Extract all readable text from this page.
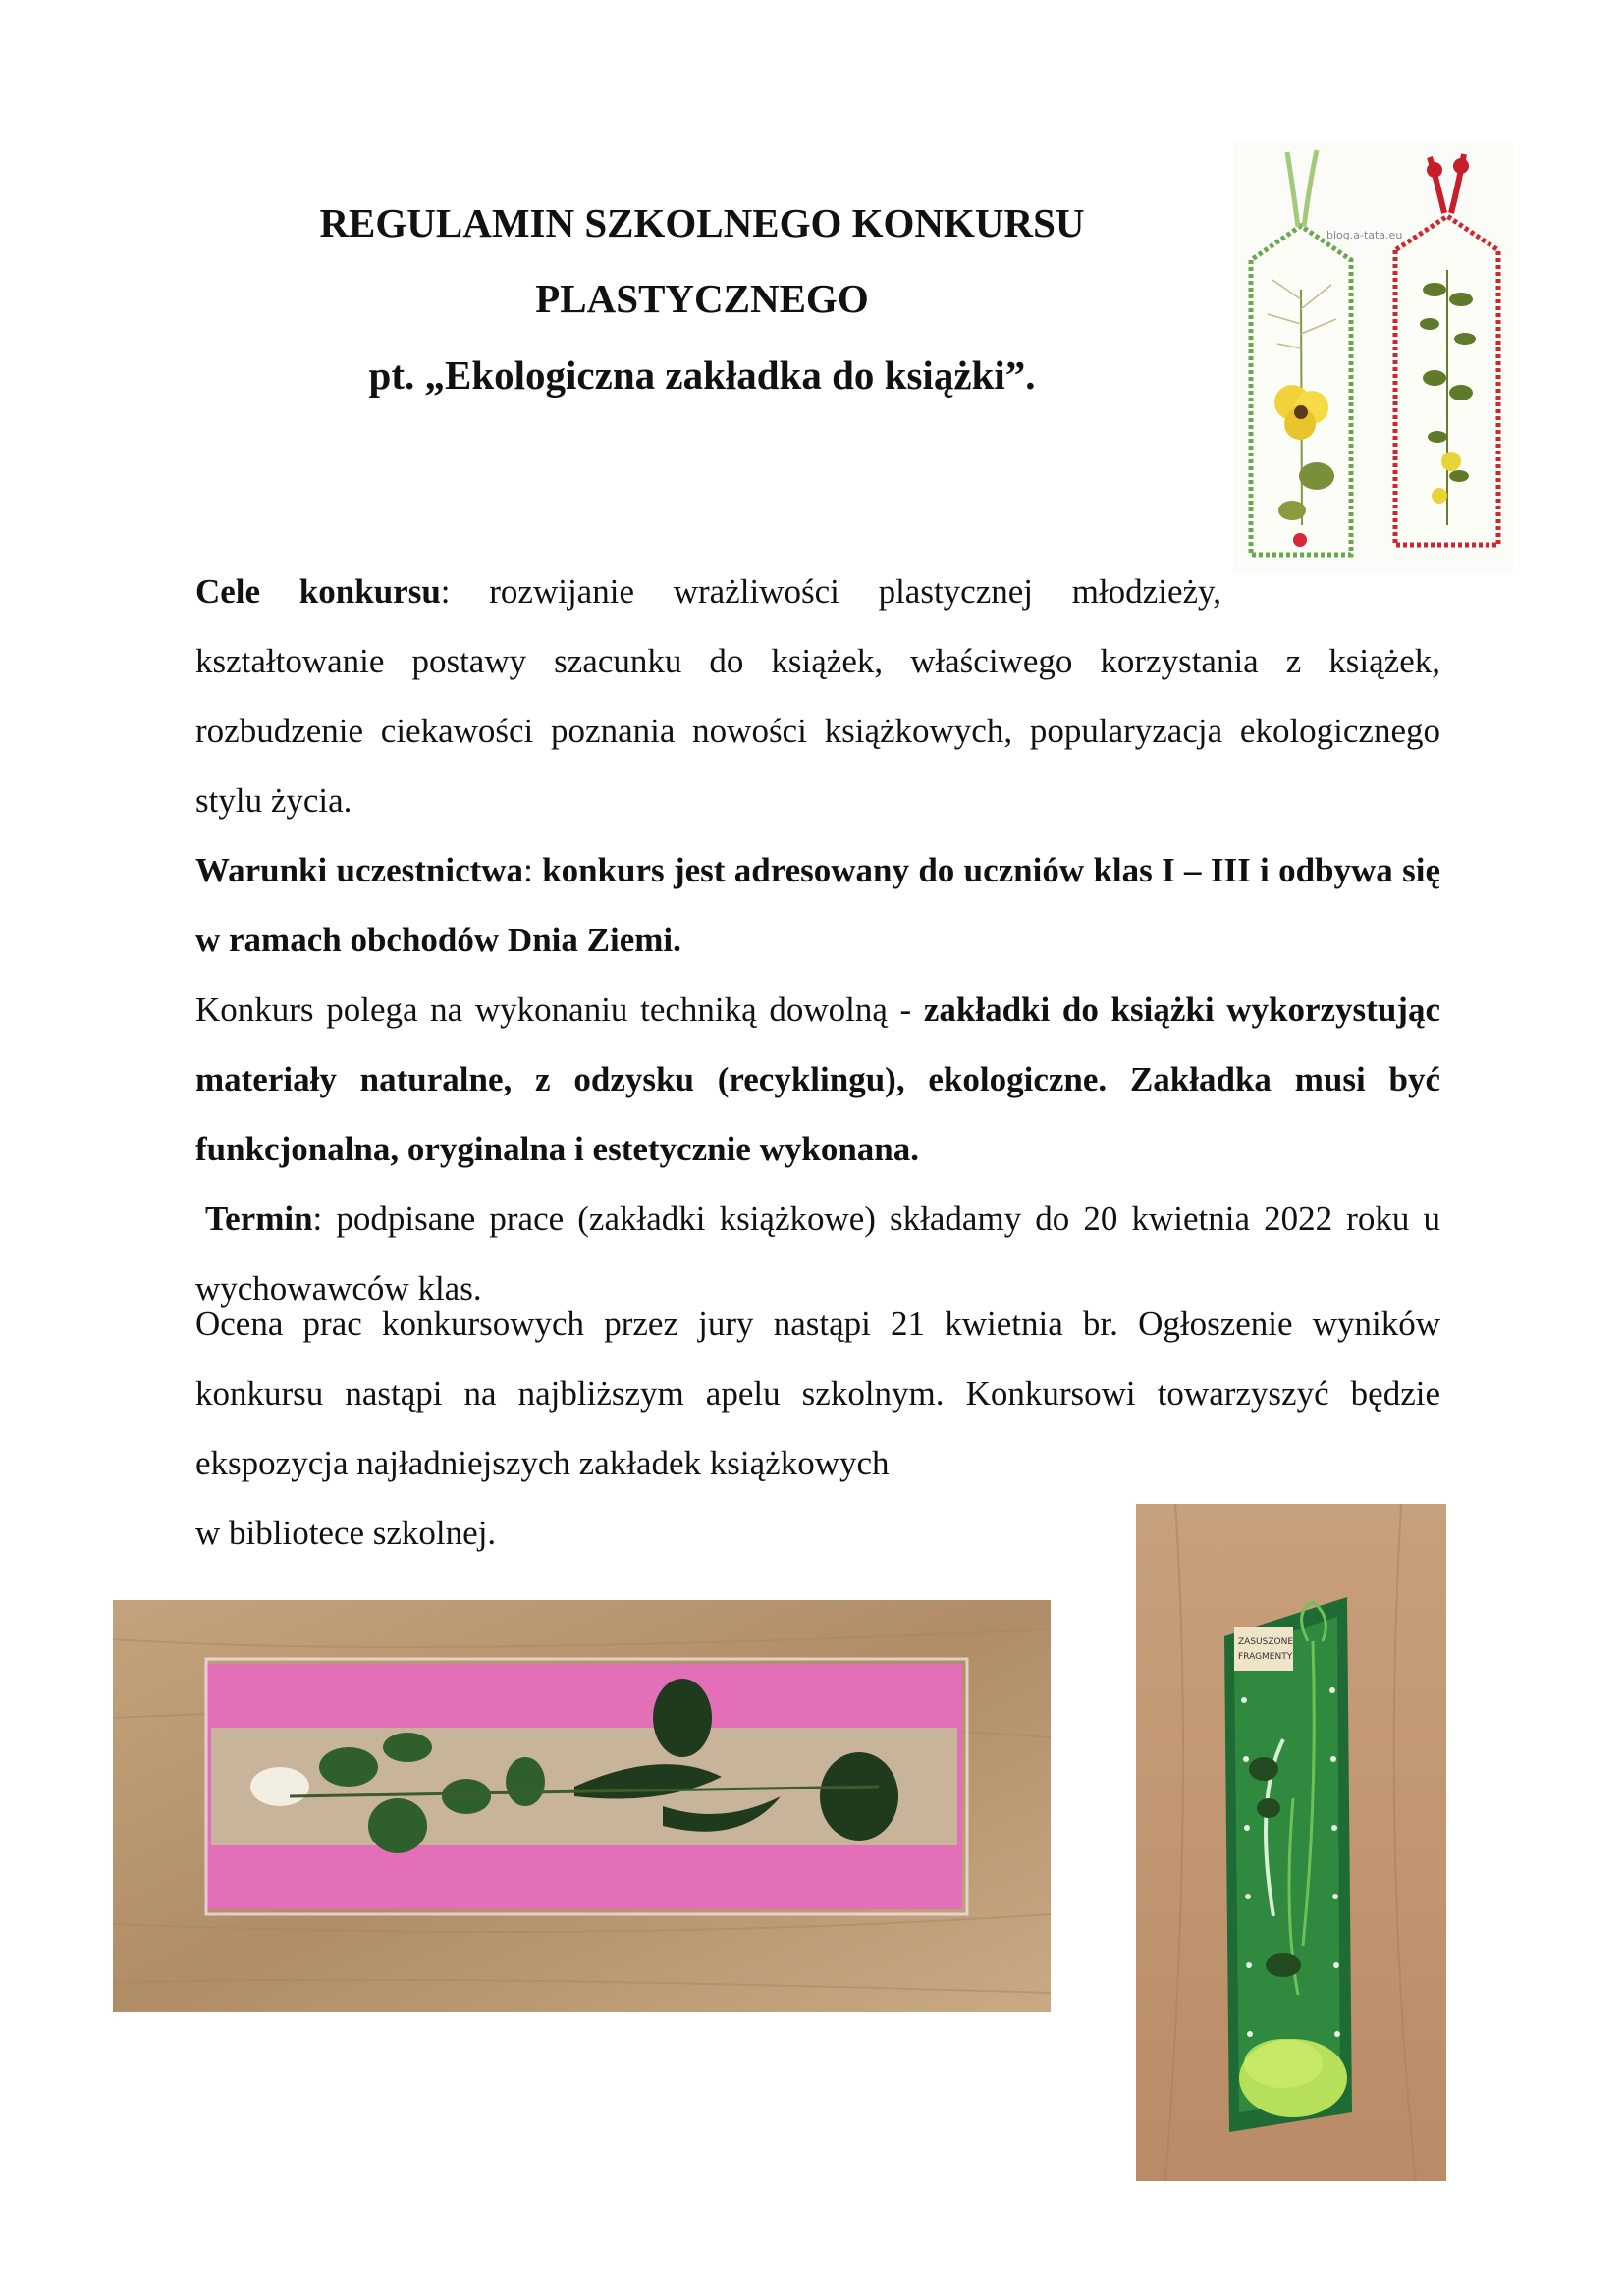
REGULAMIN SZKOLNEGO KONKURSU
PLASTYCZNEGO
pt. „Ekologiczna zakładka do książki”.
blog.a-tata.eu
Cele konkursu: rozwijanie wrażliwości plastycznej młodzieży,
kształtowanie postawy szacunku do książek, właściwego korzystania z książek, rozbudzenie ciekawości poznania nowości książkowych, popularyzacja ekologicznego stylu życia.
Warunki uczestnictwa: konkurs jest adresowany do uczniów klas I – III i odbywa się w ramach obchodów Dnia Ziemi.
Konkurs polega na wykonaniu techniką dowolną - zakładki do książki wykorzystując materiały naturalne, z odzysku (recyklingu), ekologiczne. Zakładka musi być funkcjonalna, oryginalna i estetycznie wykonana.
Termin: podpisane prace (zakładki książkowe) składamy do 20 kwietnia 2022 roku u wychowawców klas.
Ocena prac konkursowych przez jury nastąpi 21 kwietnia br. Ogłoszenie wyników konkursu nastąpi na najbliższym apelu szkolnym. Konkursowi towarzyszyć będzie ekspozycja najładniejszych zakładek książkowych
w bibliotece szkolnej.
ZASUSZONE
FRAGMENTY
